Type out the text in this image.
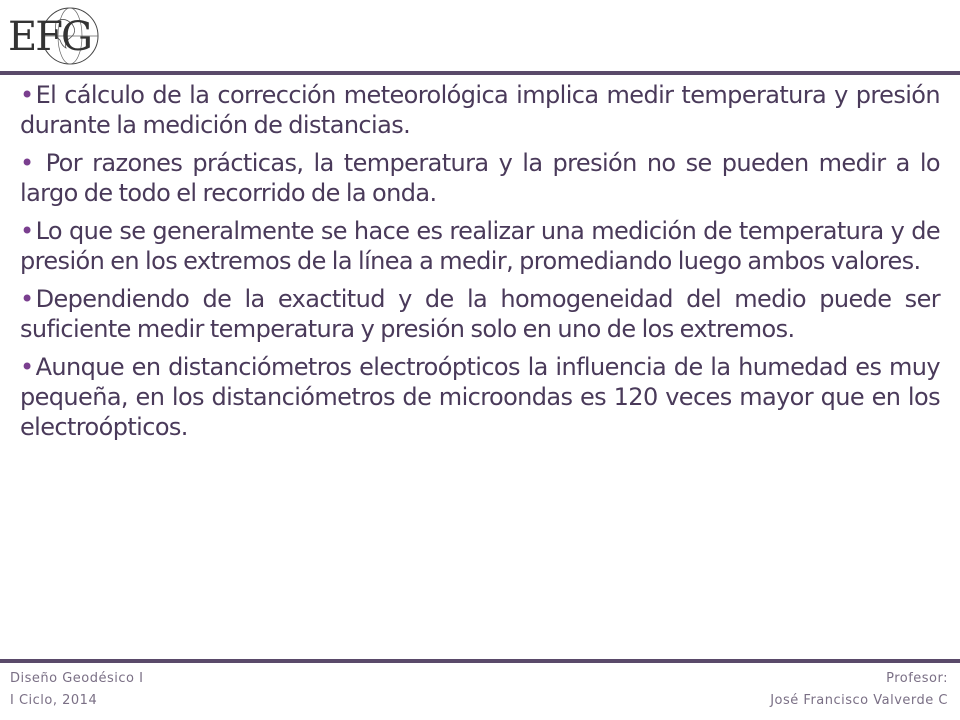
EFG
•El cálculo de la corrección meteorológica implica medir temperatura y presión durante la medición de distancias.
• Por razones prácticas, la temperatura y la presión no se pueden medir a lo largo de todo el recorrido de la onda.
•Lo que se generalmente se hace es realizar una medición de temperatura y de presión en los extremos de la línea a medir, promediando luego ambos valores.
•Dependiendo de la exactitud y de la homogeneidad del medio puede ser suficiente medir temperatura y presión solo en uno de los extremos.
•Aunque en distanciómetros electroópticos la influencia de la humedad es muy pequeña, en los distanciómetros de microondas es 120 veces mayor que en los electroópticos.
Diseño Geodésico I
I Ciclo, 2014
Profesor:
José Francisco Valverde C
